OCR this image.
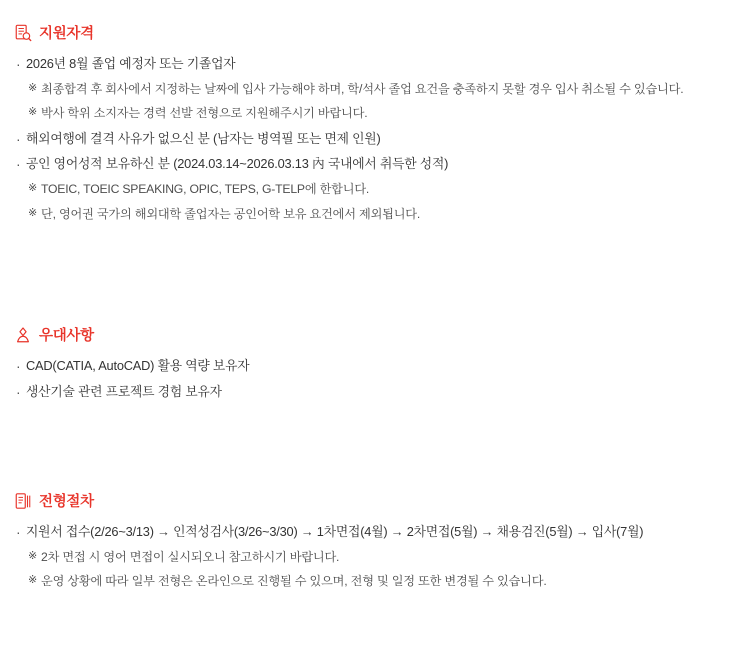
지원자격
· 2026년 8월 졸업 예정자 또는 기졸업자
※ 최종합격 후 회사에서 지정하는 날짜에 입사 가능해야 하며, 학/석사 졸업 요건을 충족하지 못할 경우 입사 취소될 수 있습니다.
※ 박사 학위 소지자는 경력 선발 전형으로 지원해주시기 바랍니다.
· 해외여행에 결격 사유가 없으신 분 (남자는 병역필 또는 면제 인원)
· 공인 영어성적 보유하신 분 (2024.03.14~2026.03.13 內 국내에서 취득한 성적)
※ TOEIC, TOEIC SPEAKING, OPIC, TEPS, G-TELP에 한합니다.
※ 단, 영어권 국가의 해외대학 졸업자는 공인어학 보유 요건에서 제외됩니다.
우대사항
· CAD(CATIA, AutoCAD) 활용 역량 보유자
· 생산기술 관련 프로젝트 경험 보유자
전형절차
· 지원서 접수(2/26~3/13) → 인적성검사(3/26~3/30) → 1차면접(4월) → 2차면접(5월) → 채용검진(5월) → 입사(7월)
※ 2차 면접 시 영어 면접이 실시되오니 참고하시기 바랍니다.
※ 운영 상황에 따라 일부 전형은 온라인으로 진행될 수 있으며, 전형 및 일정 또한 변경될 수 있습니다.
